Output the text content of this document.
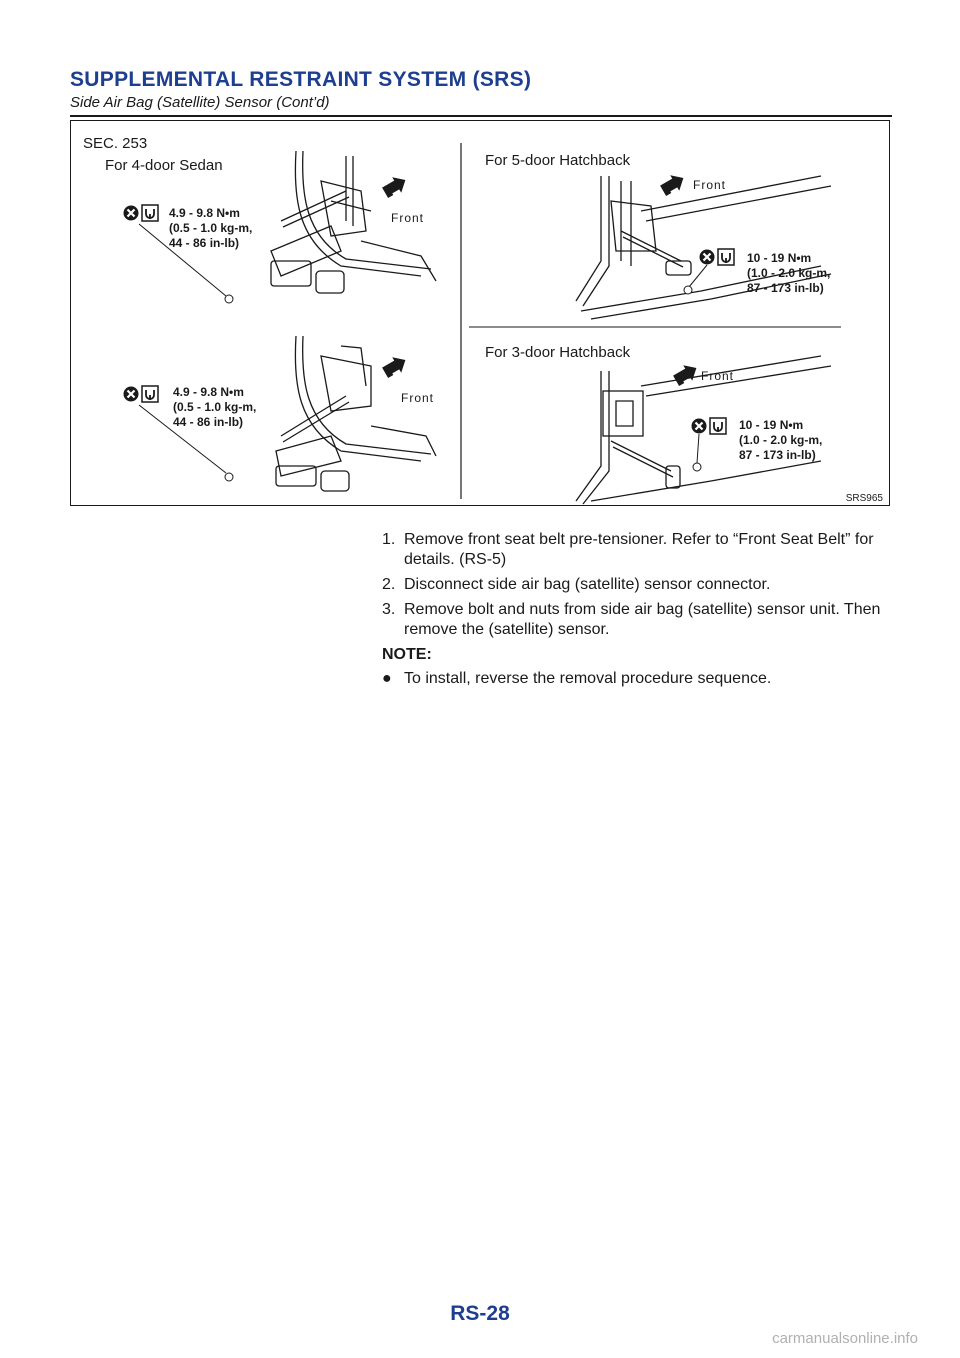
SUPPLEMENTAL RESTRAINT SYSTEM (SRS)
Side Air Bag (Satellite) Sensor (Cont’d)
SEC. 253
For 4-door Sedan
Front
4.9 - 9.8 N•m
(0.5 - 1.0 kg-m,
44 - 86 in-lb)
Front
4.9 - 9.8 N•m
(0.5 - 1.0 kg-m,
44 - 86 in-lb)
For 5-door Hatchback
Front
10 - 19 N•m
(1.0 - 2.0 kg-m,
87 - 173 in-lb)
For 3-door Hatchback
Front
10 - 19 N•m
(1.0 - 2.0 kg-m,
87 - 173 in-lb)
SRS965
1. Remove front seat belt pre-tensioner. Refer to “Front Seat Belt” for details. (RS-5)
2. Disconnect side air bag (satellite) sensor connector.
3. Remove bolt and nuts from side air bag (satellite) sensor unit. Then remove the (satellite) sensor.
NOTE:
● To install, reverse the removal procedure sequence.
RS-28
carmanualsonline.info
